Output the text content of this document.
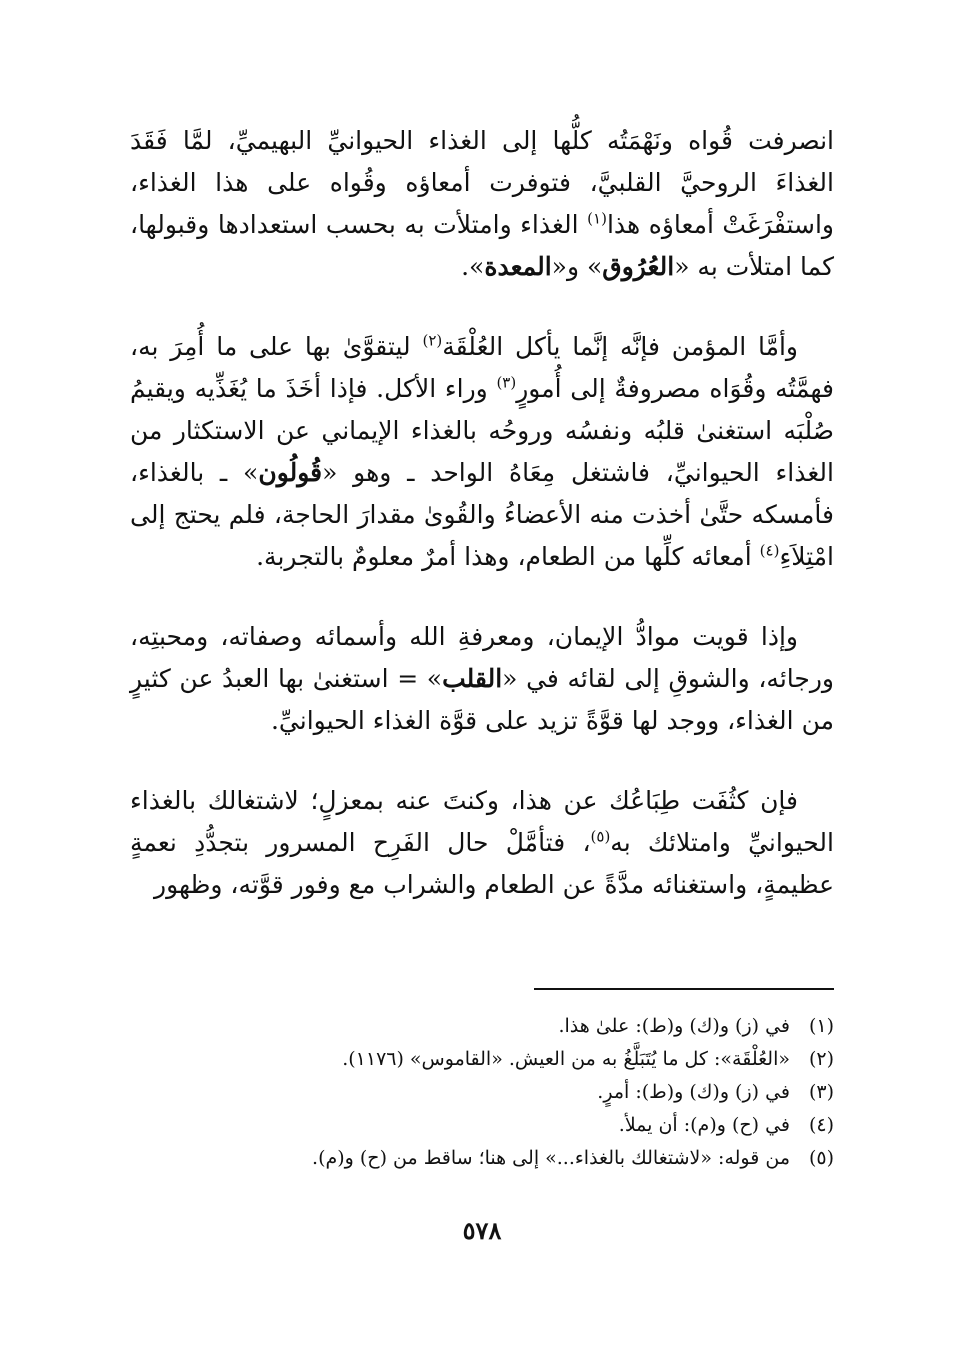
انصرفت قُواه ونَهْمَتُه كلُّها إلى الغذاء الحيوانيِّ البهيميِّ، لمَّا فَقَدَ الغذاءَ الروحيَّ القلبيَّ، فتوفرت أمعاؤه وقُواه على هذا الغذاء، واستفْرَغَتْ أمعاؤه هذا$^{(١)}$ الغذاء وامتلأت به بحسب استعدادها وقبولها، كما امتلأت به «العُرُوق» و«المعدة».

وأمَّا المؤمن فإنَّه إنَّما يأكل العُلْقَة$^{(٢)}$ ليتقوَّىٰ بها على ما أُمِرَ به، فهمَّتُه وقُوَاه مصروفةٌ إلى أُمورٍ$^{(٣)}$ وراء الأكل. فإذا أخَذَ ما يُغَذِّيه ويقيمُ صُلْبَه استغنىٰ قلبُه ونفسُه وروحُه بالغذاء الإيماني عن الاستكثار من الغذاء الحيوانيِّ، فاشتغل مِعَاهُ الواحد ـ وهو «قُولُون» ـ بالغذاء، فأمسكه حتَّىٰ أخذت منه الأعضاءُ والقُوىٰ مقدارَ الحاجة، فلم يحتج إلى امْتِلاَءِ$^{(٤)}$ أمعائه كلِّها من الطعام، وهذا أمرٌ معلومٌ بالتجربة.

وإذا قويت موادُّ الإيمان، ومعرفةِ الله وأسمائه وصفاته، ومحبتِه، ورجائه، والشوقِ إلى لقائه في «القلب» = استغنىٰ بها العبدُ عن كثيرٍ من الغذاء، ووجد لها قوَّةً تزيد على قوَّة الغذاء الحيوانيِّ.

فإن كثُفَت طِبَاعُك عن هذا، وكنتَ عنه بمعزلٍ؛ لاشتغالك بالغذاء الحيوانيِّ وامتلائك به$^{(٥)}$، فتأمَّلْ حال الفَرِح المسرور بتجدُّدِ نعمةٍ عظيمةٍ، واستغنائه مدَّةً عن الطعام والشراب مع وفور قوَّته، وظهور

(١)
في (ز) و(ك) و(ط): علىٰ هذا.
(٢)
«العُلْقَة»: كل ما يُتَبَلَّغُ به من العيش. «القاموس» (١١٧٦).
(٣)
في (ز) و(ك) و(ط): أمرٍ.
(٤)
في (ح) و(م): أن يملأ.
(٥)
من قوله: «لاشتغالك بالغذاء...» إلى هنا؛ ساقط من (ح) و(م).
٥٧٨
